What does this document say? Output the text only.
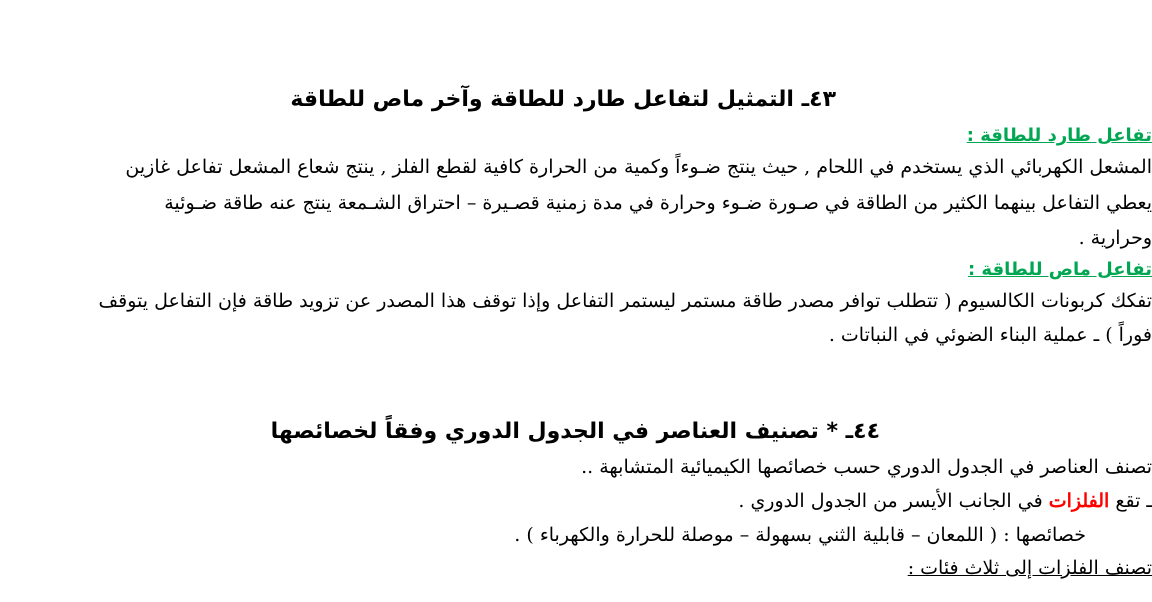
٤٣ـ التمثيل لتفاعل طارد للطاقة وآخر ماص للطاقة
تفاعل طارد للطاقة :
المشعل الكهربائي الذي يستخدم في اللحام , حيث ينتج ضـوءاً وكمية من الحرارة كافية لقطع الفلز , ينتج شعاع المشعل تفاعل غازين
يعطي التفاعل بينهما الكثير من الطاقة في صـورة ضـوء وحرارة في مدة زمنية قصـيرة – احتراق الشـمعة ينتج عنه طاقة ضـوئية
وحرارية .
تفاعل ماص للطاقة :
تفكك كربونات الكالسيوم ( تتطلب توافر مصدر طاقة مستمر ليستمر التفاعل وإذا توقف هذا المصدر عن تزويد طاقة فإن التفاعل يتوقف
فوراً ) ـ عملية البناء الضوئي في النباتات .
٤٤ـ * تصنيف العناصر في الجدول الدوري وفقاً لخصائصها
تصنف العناصر في الجدول الدوري حسب خصائصها الكيميائية المتشابهة ..
ـ تقع الفلزات في الجانب الأيسر من الجدول الدوري .
خصائصها : ( اللمعان – قابلية الثني بسهولة – موصلة للحرارة والكهرباء ) .
تصنف الفلزات إلى ثلاث فئات :
